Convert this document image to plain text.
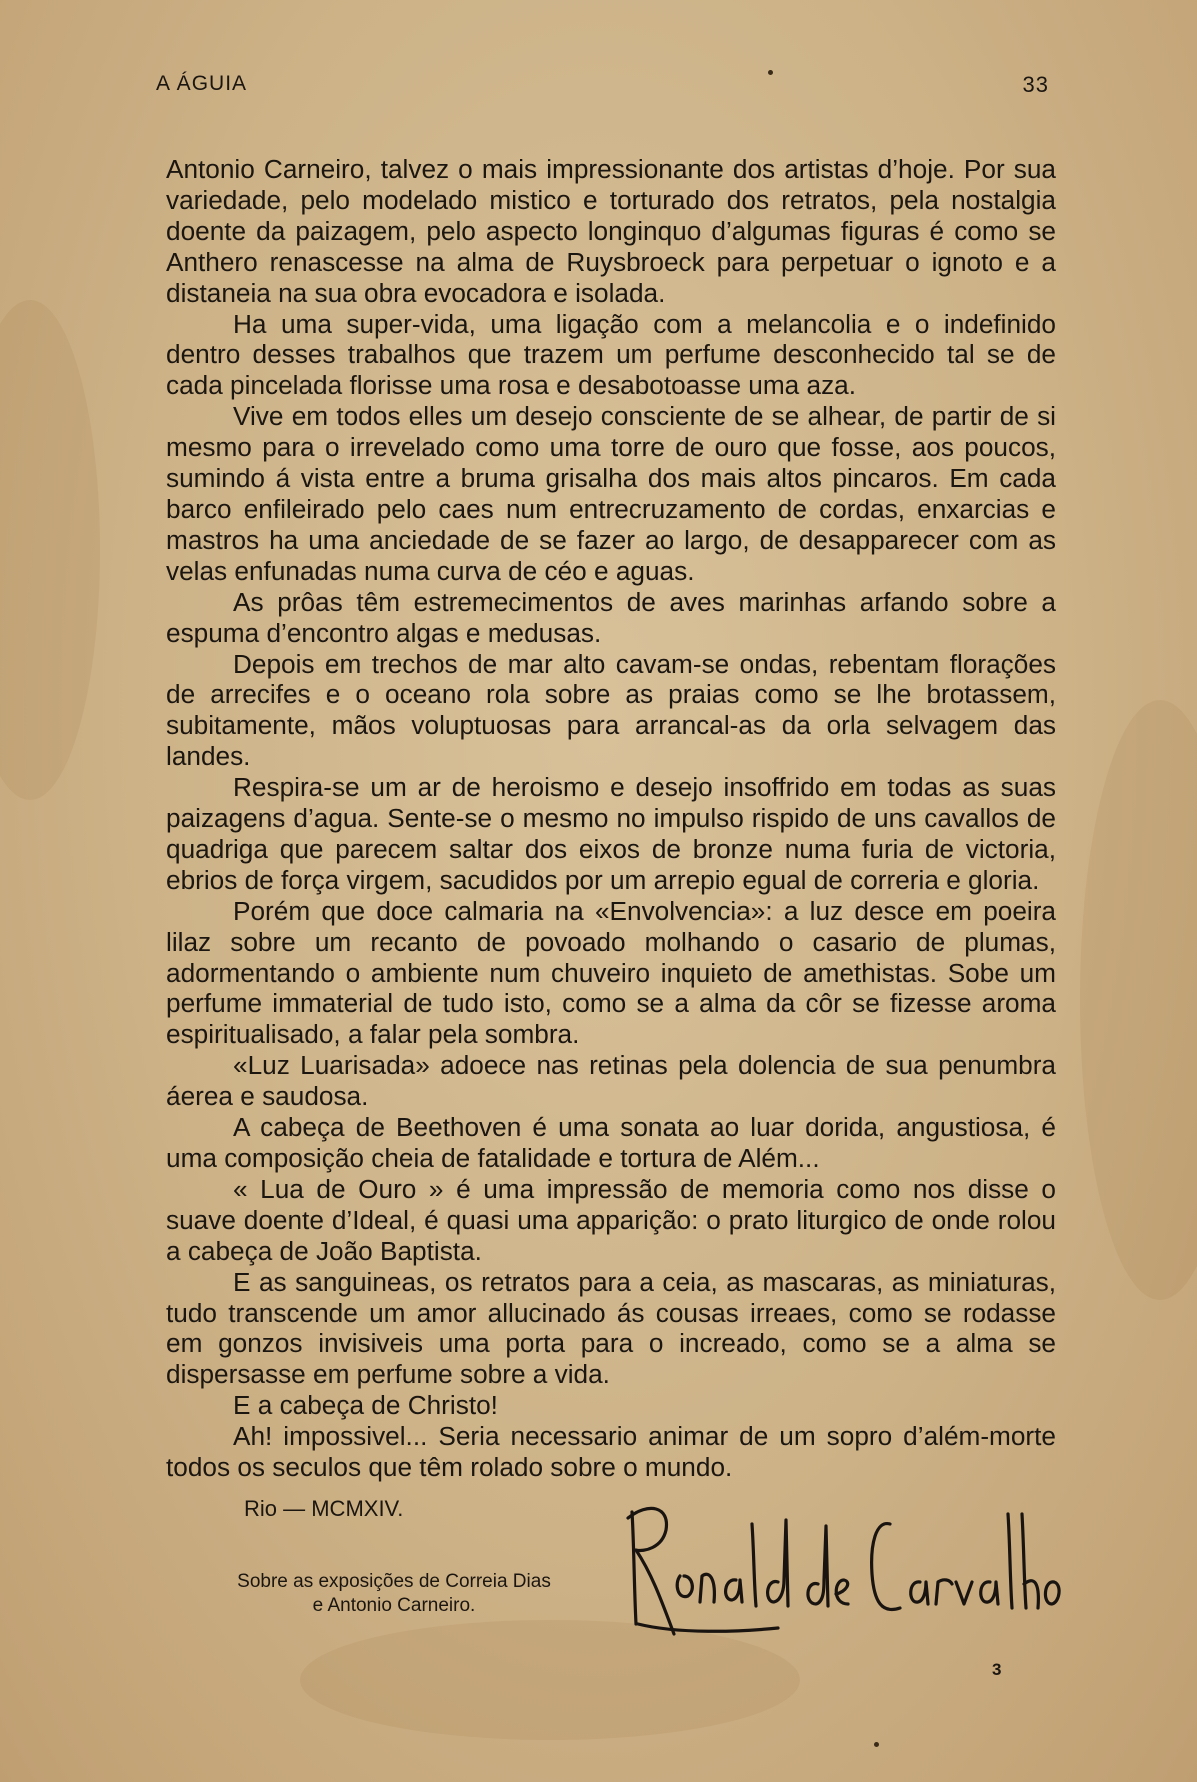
A ÁGUIA	33

Antonio Carneiro, talvez o mais impressionante dos artistas d’hoje. Por sua variedade, pelo modelado mistico e torturado dos retratos, pela nostalgia doente da paizagem, pelo aspecto longinquo d’algumas figuras é como se Anthero renascesse na alma de Ruysbroeck para perpetuar o ignoto e a distaneia na sua obra evocadora e isolada.

Ha uma super-vida, uma ligação com a melancolia e o indefinido dentro desses trabalhos que trazem um perfume desconhecido tal se de cada pincelada florisse uma rosa e desabotoasse uma aza.

Vive em todos elles um desejo consciente de se alhear, de partir de si mesmo para o irrevelado como uma torre de ouro que fosse, aos poucos, sumindo á vista entre a bruma grisalha dos mais altos pincaros. Em cada barco enfileirado pelo caes num entrecruzamento de cordas, enxarcias e mastros ha uma anciedade de se fazer ao largo, de desapparecer com as velas enfunadas numa curva de céo e aguas.

As prôas têm estremecimentos de aves marinhas arfando sobre a espuma d’encontro algas e medusas.

Depois em trechos de mar alto cavam-se ondas, rebentam florações de arrecifes e o oceano rola sobre as praias como se lhe brotassem, subitamente, mãos voluptuosas para arrancal-as da orla selvagem das landes.

Respira-se um ar de heroismo e desejo insoffrido em todas as suas paizagens d’agua. Sente-se o mesmo no impulso rispido de uns cavallos de quadriga que parecem saltar dos eixos de bronze numa furia de victoria, ebrios de força virgem, sacudidos por um arrepio egual de correria e gloria.

Porém que doce calmaria na «Envolvencia»: a luz desce em poeira lilaz sobre um recanto de povoado molhando o casario de plumas, adormentando o ambiente num chuveiro inquieto de amethistas. Sobe um perfume immaterial de tudo isto, como se a alma da côr se fizesse aroma espiritualisado, a falar pela sombra.

«Luz Luarisada» adoece nas retinas pela dolencia de sua penumbra áerea e saudosa.

A cabeça de Beethoven é uma sonata ao luar dorida, angustiosa, é uma composição cheia de fatalidade e tortura de Além...

« Lua de Ouro » é uma impressão de memoria como nos disse o suave doente d’Ideal, é quasi uma apparição: o prato liturgico de onde rolou a cabeça de João Baptista.

E as sanguineas, os retratos para a ceia, as mascaras, as miniaturas, tudo transcende um amor allucinado ás cousas irreaes, como se rodasse em gonzos invisiveis uma porta para o increado, como se a alma se dispersasse em perfume sobre a vida.

E a cabeça de Christo!

Ah! impossivel... Seria necessario animar de um sopro d’além-morte todos os seculos que têm rolado sobre o mundo.

Rio — MCMXIV.
Sobre as exposições de Correia Dias
e Antonio Carneiro.
3
